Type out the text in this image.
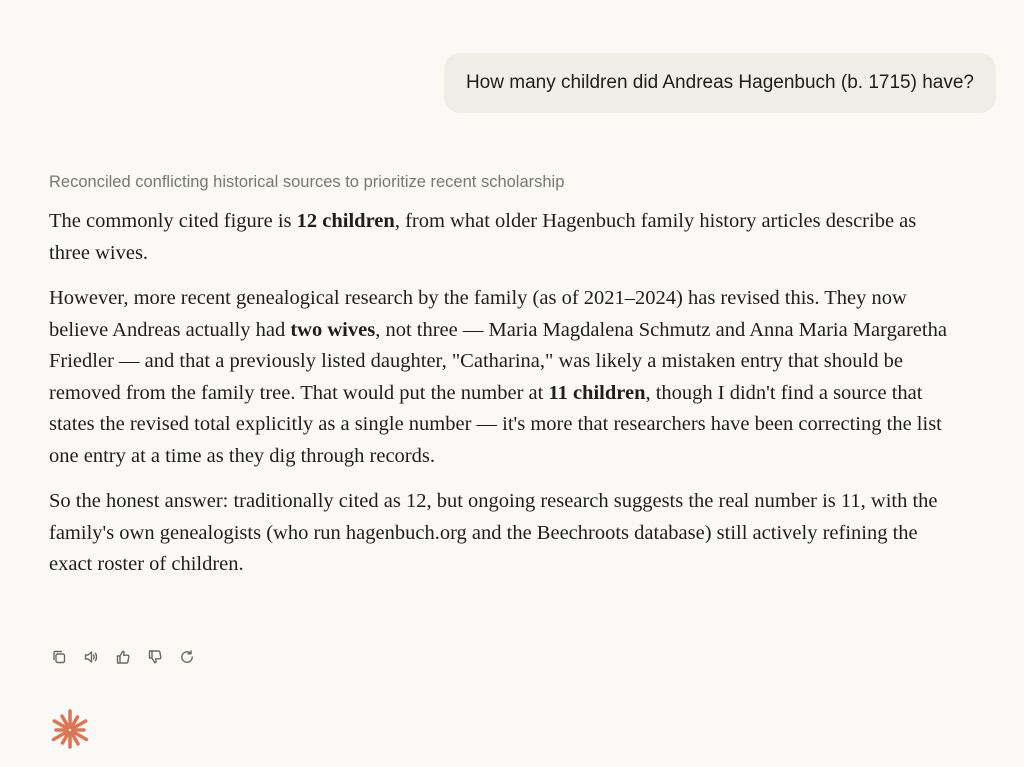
How many children did Andreas Hagenbuch (b. 1715) have?
Reconciled conflicting historical sources to prioritize recent scholarship

The commonly cited figure is 12 children, from what older Hagenbuch family history articles describe as three wives.

However, more recent genealogical research by the family (as of 2021–2024) has revised this. They now believe Andreas actually had two wives, not three — Maria Magdalena Schmutz and Anna Maria Margaretha Friedler — and that a previously listed daughter, "Catharina," was likely a mistaken entry that should be removed from the family tree. That would put the number at 11 children, though I didn't find a source that states the revised total explicitly as a single number — it's more that researchers have been correcting the list one entry at a time as they dig through records.

So the honest answer: traditionally cited as 12, but ongoing research suggests the real number is 11, with the family's own genealogists (who run hagenbuch.org and the Beechroots database) still actively refining the exact roster of children.
